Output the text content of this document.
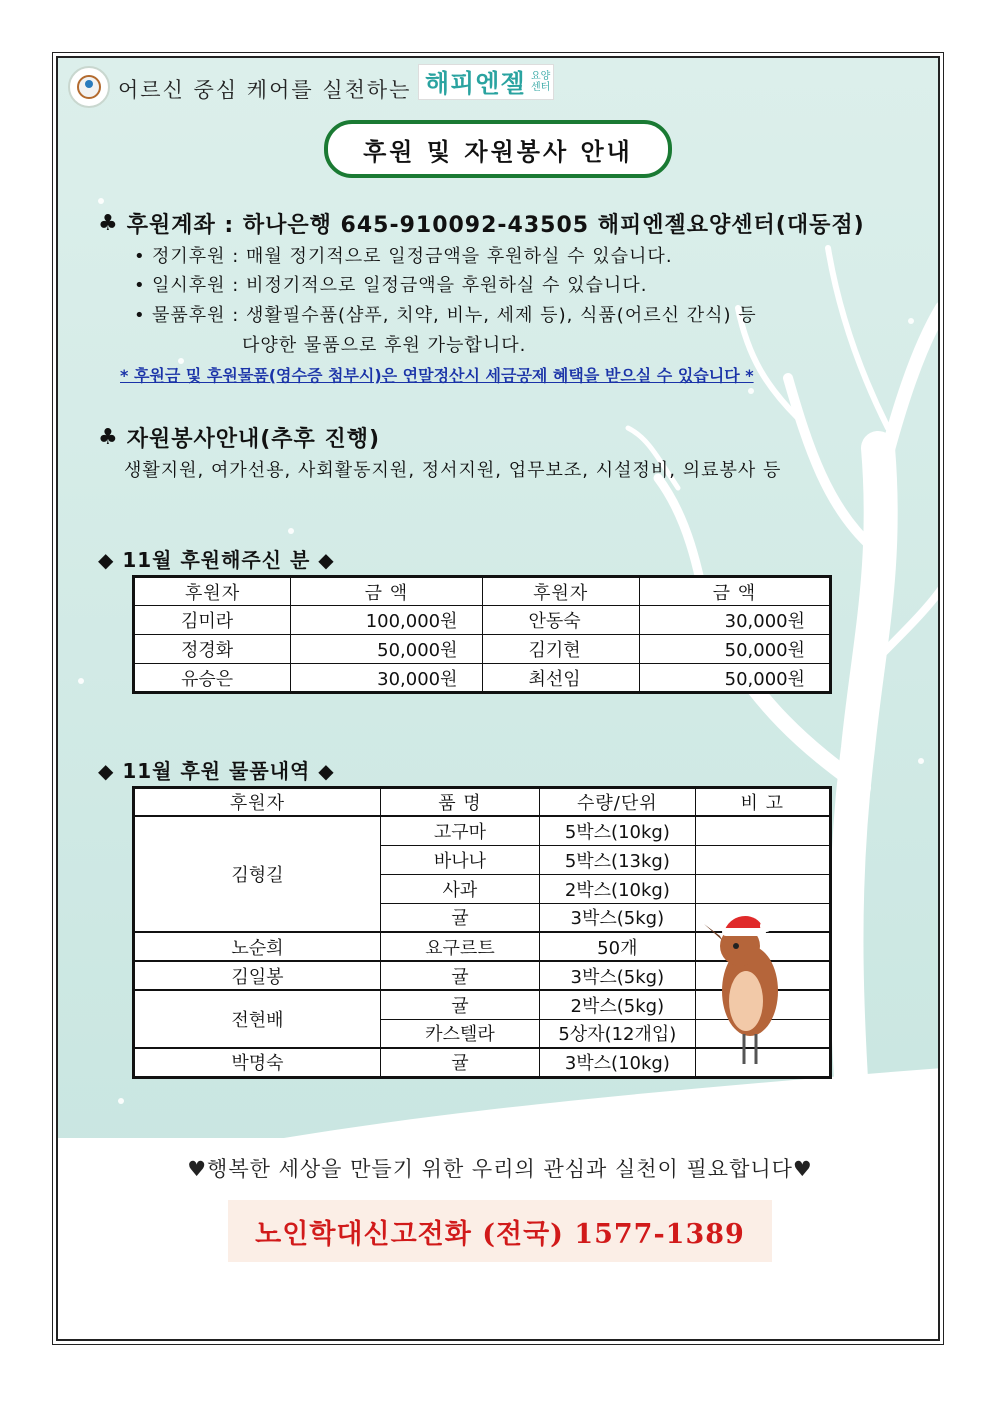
어르신 중심 케어를 실천하는 해피엔젤 요양센터
후원 및 자원봉사 안내
♣ 후원계좌 : 하나은행 645-910092-43505 해피엔젤요양센터(대동점)
• 정기후원 : 매월 정기적으로 일정금액을 후원하실 수 있습니다.
• 일시후원 : 비정기적으로 일정금액을 후원하실 수 있습니다.
• 물품후원 : 생활필수품(샴푸, 치약, 비누, 세제 등), 식품(어르신 간식) 등
다양한 물품으로 후원 가능합니다.
* 후원금 및 후원물품(영수증 첨부시)은 연말정산시 세금공제 혜택을 받으실 수 있습니다 *
♣ 자원봉사안내(추후 진행)
생활지원, 여가선용, 사회활동지원, 정서지원, 업무보조, 시설정비, 의료봉사 등
◆ 11월 후원해주신 분 ◆
후원자	금 액	후원자	금 액
김미라	100,000원	안동숙	30,000원
정경화	50,000원	김기현	50,000원
유승은	30,000원	최선임	50,000원
◆ 11월 후원 물품내역 ◆
후원자	품 명	수량/단위	비 고
김형길	고구마	5박스(10kg)	
	바나나	5박스(13kg)	
	사과	2박스(10kg)	
	귤	3박스(5kg)	
노순희	요구르트	50개	
김일봉	귤	3박스(5kg)	
전현배	귤	2박스(5kg)	
	카스텔라	5상자(12개입)	
박명숙	귤	3박스(10kg)	
♥행복한 세상을 만들기 위한 우리의 관심과 실천이 필요합니다♥
노인학대신고전화 (전국) 1577-1389
